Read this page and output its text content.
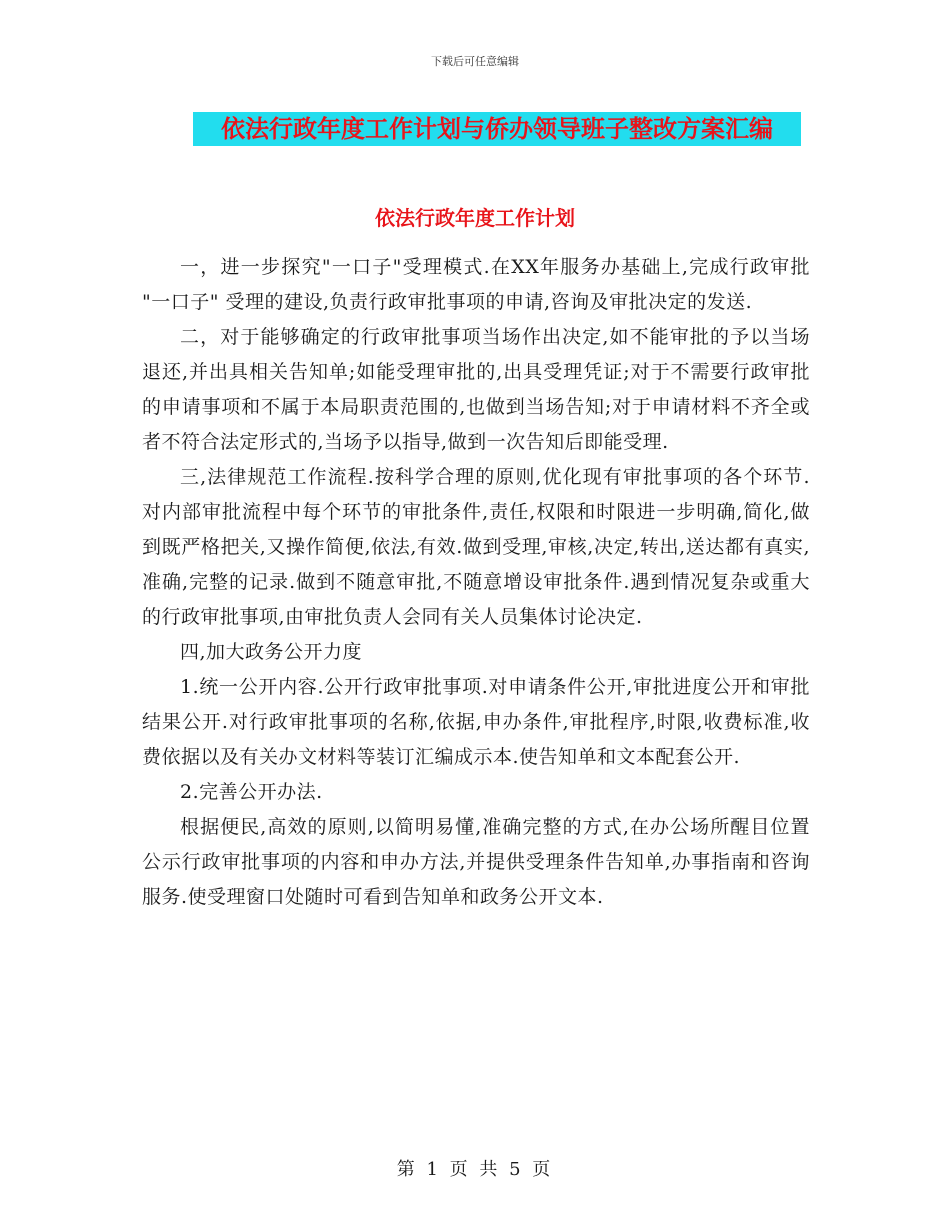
下载后可任意编辑
依法行政年度工作计划与侨办领导班子整改方案汇编
依法行政年度工作计划

一，进一步探究"一口子"受理模式.在XX年服务办基础上,完成行政审批 "一口子" 受理的建设,负责行政审批事项的申请,咨询及审批决定的发送.

二，对于能够确定的行政审批事项当场作出决定,如不能审批的予以当场退还,并出具相关告知单;如能受理审批的,出具受理凭证;对于不需要行政审批的申请事项和不属于本局职责范围的,也做到当场告知;对于申请材料不齐全或者不符合法定形式的,当场予以指导,做到一次告知后即能受理.

三,法律规范工作流程.按科学合理的原则,优化现有审批事项的各个环节.对内部审批流程中每个环节的审批条件,责任,权限和时限进一步明确,简化,做到既严格把关,又操作简便,依法,有效.做到受理,审核,决定,转出,送达都有真实,准确,完整的记录.做到不随意审批,不随意增设审批条件.遇到情况复杂或重大的行政审批事项,由审批负责人会同有关人员集体讨论决定.

四,加大政务公开力度

1.统一公开内容.公开行政审批事项.对申请条件公开,审批进度公开和审批结果公开.对行政审批事项的名称,依据,申办条件,审批程序,时限,收费标准,收费依据以及有关办文材料等装订汇编成示本.使告知单和文本配套公开.

2.完善公开办法.

根据便民,高效的原则,以简明易懂,准确完整的方式,在办公场所醒目位置公示行政审批事项的内容和申办方法,并提供受理条件告知单,办事指南和咨询服务.使受理窗口处随时可看到告知单和政务公开文本.

第 1 页 共 5 页
